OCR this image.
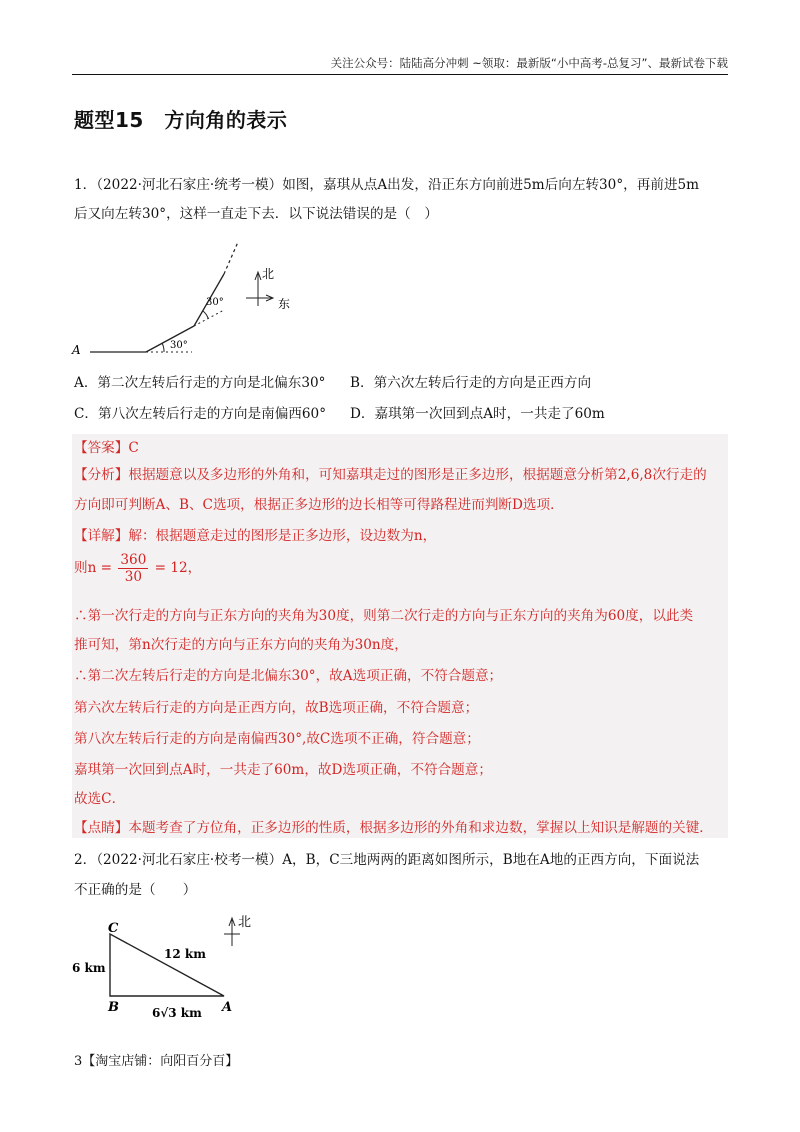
关注公众号：陆陆高分冲刺 ~领取：最新版“小中高考-总复习”、最新试卷下载
题型15　方向角的表示
1．（2022·河北石家庄·统考一模）如图，嘉琪从点A出发，沿正东方向前进5m后向左转30°，再前进5m
后又向左转30°，这样一直走下去．以下说法错误的是（　）
A	30°
30°
北
东
A．第二次左转后行走的方向是北偏东30° B．第六次左转后行走的方向是正西方向
C．第八次左转后行走的方向是南偏西60° D．嘉琪第一次回到点A时，一共走了60m
【答案】C
【分析】根据题意以及多边形的外角和，可知嘉琪走过的图形是正多边形，根据题意分析第2,6,8次行走的
方向即可判断A、B、C选项，根据正多边形的边长相等可得路程进而判断D选项．
【详解】解：根据题意走过的图形是正多边形，设边数为n，
则$n = \frac{360}{30} = 12$，
∴第一次行走的方向与正东方向的夹角为30度，则第二次行走的方向与正东方向的夹角为60度，以此类
推可知，第n次行走的方向与正东方向的夹角为30n度，
∴第二次左转后行走的方向是北偏东30°，故A选项正确，不符合题意；
第六次左转后行走的方向是正西方向，故B选项正确，不符合题意；
第八次左转后行走的方向是南偏西30°,故C选项不正确，符合题意；
嘉琪第一次回到点A时，一共走了60m，故D选项正确，不符合题意；
故选C．
【点睛】本题考查了方位角，正多边形的性质，根据多边形的外角和求边数，掌握以上知识是解题的关键．
2．（2022·河北石家庄·校考一模）A，B，C三地两两的距离如图所示，B地在A地的正西方向，下面说法
不正确的是（　　）
C
B	A
6 km
12 km
6√3 km
北
3【淘宝店铺：向阳百分百】
